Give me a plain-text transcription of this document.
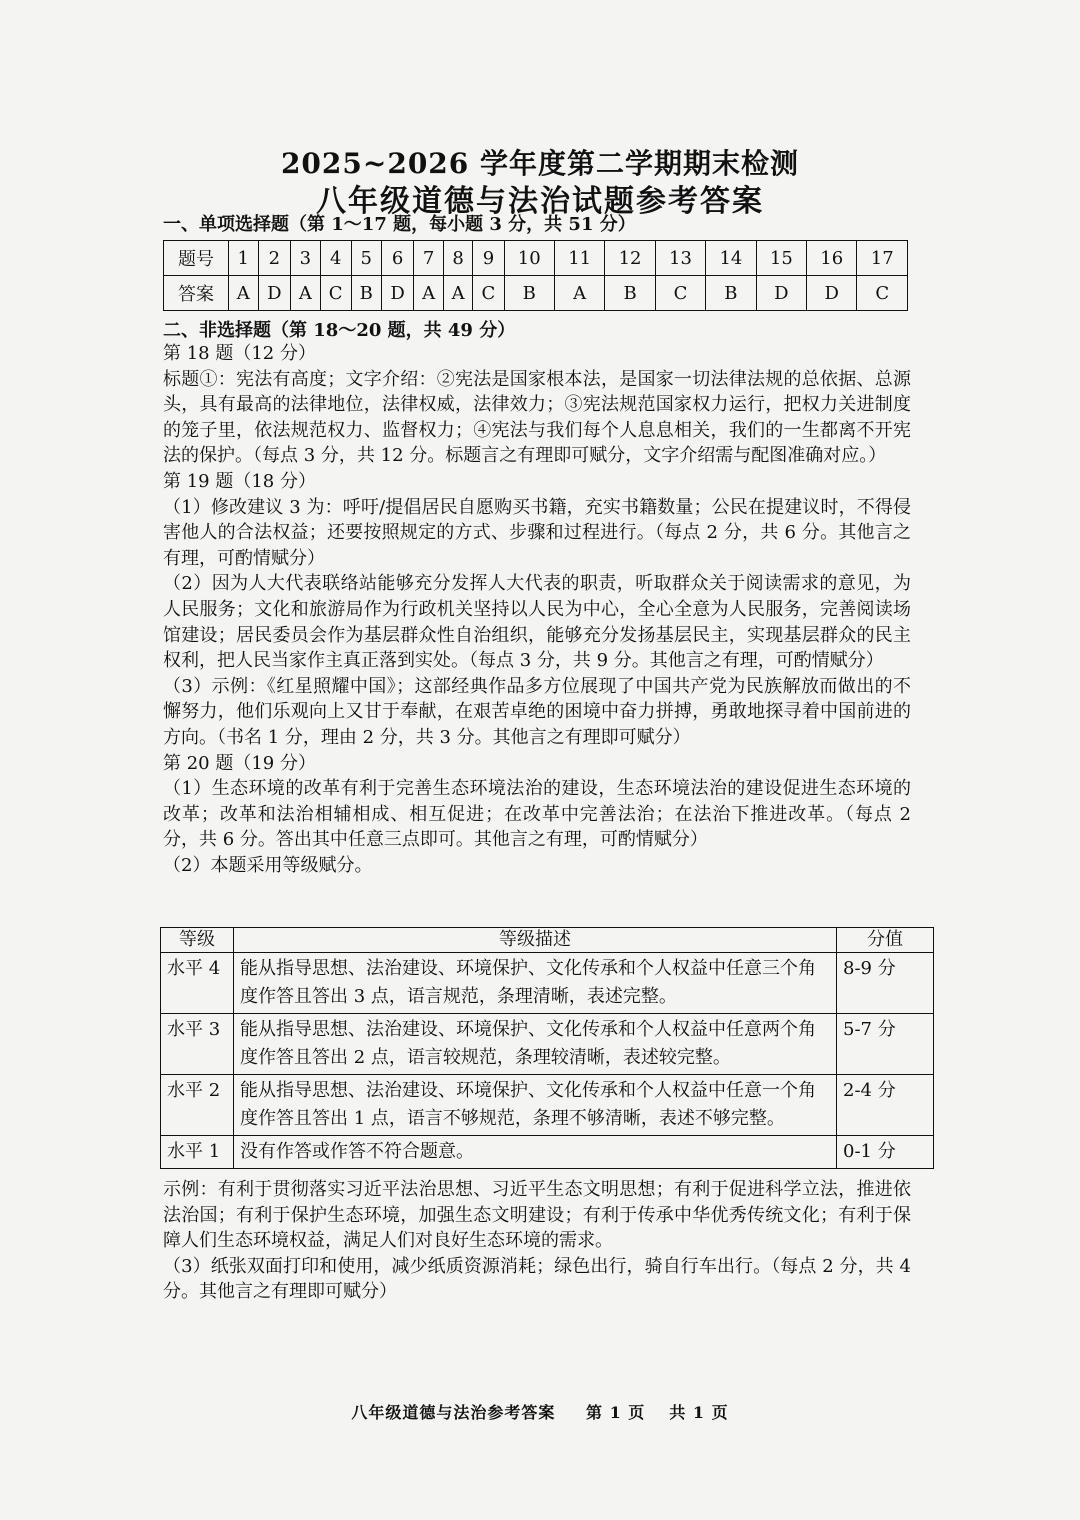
2025~2026 学年度第二学期期末检测
八年级道德与法治试题参考答案
一、单项选择题（第 1～17 题，每小题 3 分，共 51 分）
题号	1	2	3	4	5	6	7	8	9	10	11	12	13	14	15	16	17
答案	A	D	A	C	B	D	A	A	C	B	A	B	C	B	D	D	C
二、非选择题（第 18～20 题，共 49 分）

第 18 题（12 分）

标题①：宪法有高度；文字介绍：②宪法是国家根本法，是国家一切法律法规的总依据、总源头，具有最高的法律地位，法律权威，法律效力；③宪法规范国家权力运行，把权力关进制度的笼子里，依法规范权力、监督权力；④宪法与我们每个人息息相关，我们的一生都离不开宪法的保护。（每点 3 分，共 12 分。标题言之有理即可赋分，文字介绍需与配图准确对应。）

第 19 题（18 分）

（1）修改建议 3 为：呼吁/提倡居民自愿购买书籍，充实书籍数量；公民在提建议时，不得侵害他人的合法权益；还要按照规定的方式、步骤和过程进行。（每点 2 分，共 6 分。其他言之有理，可酌情赋分）

（2）因为人大代表联络站能够充分发挥人大代表的职责，听取群众关于阅读需求的意见，为人民服务；文化和旅游局作为行政机关坚持以人民为中心，全心全意为人民服务，完善阅读场馆建设；居民委员会作为基层群众性自治组织，能够充分发扬基层民主，实现基层群众的民主权利，把人民当家作主真正落到实处。（每点 3 分，共 9 分。其他言之有理，可酌情赋分）

（3）示例：《红星照耀中国》；这部经典作品多方位展现了中国共产党为民族解放而做出的不懈努力，他们乐观向上又甘于奉献，在艰苦卓绝的困境中奋力拼搏，勇敢地探寻着中国前进的方向。（书名 1 分，理由 2 分，共 3 分。其他言之有理即可赋分）

第 20 题（19 分）

（1）生态环境的改革有利于完善生态环境法治的建设，生态环境法治的建设促进生态环境的改革；改革和法治相辅相成、相互促进；在改革中完善法治；在法治下推进改革。（每点 2 分，共 6 分。答出其中任意三点即可。其他言之有理，可酌情赋分）

（2）本题采用等级赋分。

等级	等级描述	分值
水平 4	能从指导思想、法治建设、环境保护、文化传承和个人权益中任意三个角度作答且答出 3 点，语言规范，条理清晰，表述完整。	8-9 分
水平 3	能从指导思想、法治建设、环境保护、文化传承和个人权益中任意两个角度作答且答出 2 点，语言较规范，条理较清晰，表述较完整。	5-7 分
水平 2	能从指导思想、法治建设、环境保护、文化传承和个人权益中任意一个角度作答且答出 1 点，语言不够规范，条理不够清晰，表述不够完整。	2-4 分
水平 1	没有作答或作答不符合题意。	0-1 分

示例：有利于贯彻落实习近平法治思想、习近平生态文明思想；有利于促进科学立法，推进依法治国；有利于保护生态环境，加强生态文明建设；有利于传承中华优秀传统文化；有利于保障人们生态环境权益，满足人们对良好生态环境的需求。

（3）纸张双面打印和使用，减少纸质资源消耗；绿色出行，骑自行车出行。（每点 2 分，共 4 分。其他言之有理即可赋分）

八年级道德与法治参考答案 第 1 页 共 1 页
